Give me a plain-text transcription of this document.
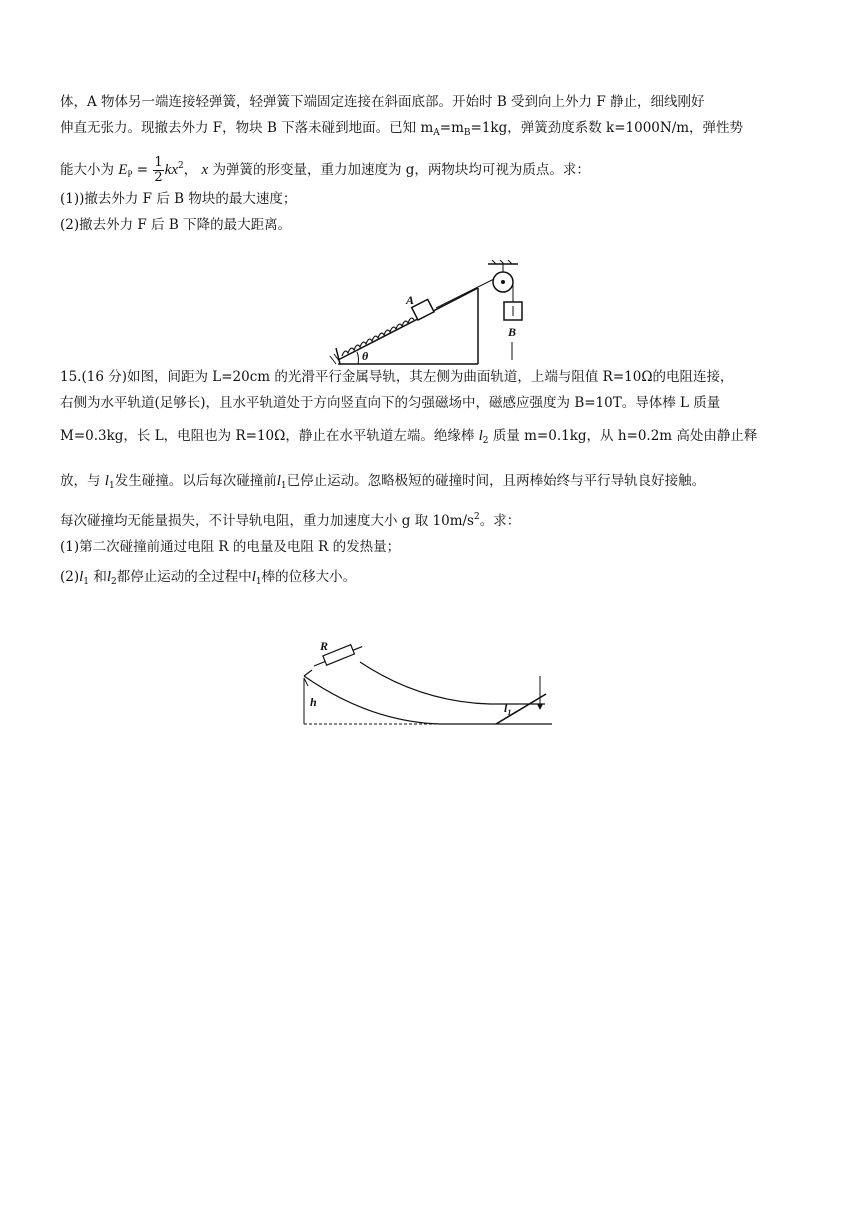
体，A 物体另一端连接轻弹簧，轻弹簧下端固定连接在斜面底部。开始时 B 受到向上外力 F 静止，细线刚好
伸直无张力。现撤去外力 F，物块 B 下落未碰到地面。已知 $m_A=m_B=1kg$，弹簧劲度系数 k=1000N/m，弹性势
能大小为 $E_P = \frac{1}{2} kx^2$， x 为弹簧的形变量，重力加速度为 g，两物块均可视为质点。求：
(1))撤去外力 F 后 B 物块的最大速度；
(2)撤去外力 F 后 B 下降的最大距离。
A
B
θ
15.(16 分)如图，间距为 L=20cm 的光滑平行金属导轨，其左侧为曲面轨道，上端与阻值 R=10Ω的电阻连接，
右侧为水平轨道(足够长)，且水平轨道处于方向竖直向下的匀强磁场中，磁感应强度为 B=10T。导体棒 L 质量
M=0.3kg，长 L，电阻也为 R=10Ω，静止在水平轨道左端。绝缘棒 $l_2$ 质量 m=0.1kg，从 h=0.2m 高处由静止释
放，与 $l_1$发生碰撞。以后每次碰撞前$l_1$已停止运动。忽略极短的碰撞时间，且两棒始终与平行导轨良好接触。
每次碰撞均无能量损失，不计导轨电阻，重力加速度大小 g 取 $10m/s^2$。求：
(1)第二次碰撞前通过电阻 R 的电量及电阻 R 的发热量；
$(2)l_1$ 和$l_2$都停止运动的全过程中$l_1$棒的位移大小。
R
h	$l_1$
